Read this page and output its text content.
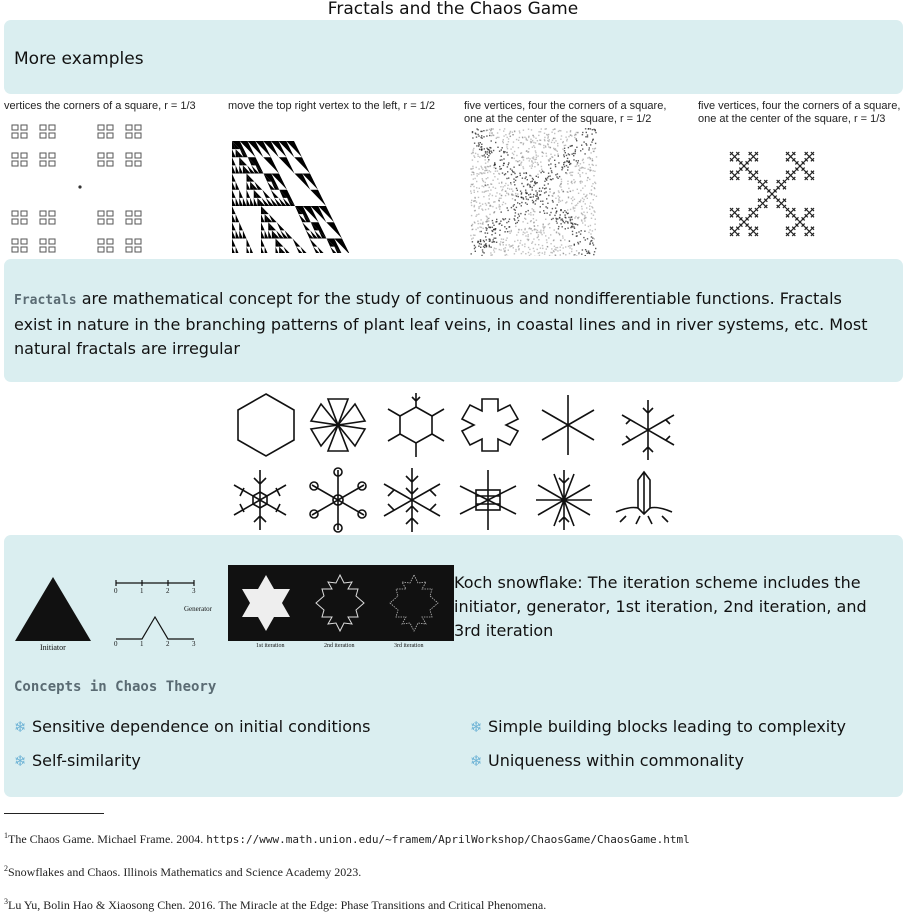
Fractals and the Chaos Game
More examples
vertices the corners of a square, r = 1/3	move the top right vertex to the left, r = 1/2	five vertices, four the corners of a square,
one at the center of the square, r = 1/2
five vertices, four the corners of a square,
one at the center of the square, r = 1/3
Fractals are mathematical concept for the study of continuous and nondifferentiable functions. Fractals exist in nature in the branching patterns of plant leaf veins, in coastal lines and in river systems, etc. Most natural fractals are irregular
Initiator
0	1	2	3
Generator
0	1	2	3	1st iteration	2nd iteration	3rd iteration
Koch snowflake: The iteration scheme includes the initiator, generator, 1st iteration, 2nd iteration, and 3rd iteration
Concepts in Chaos Theory
❄ Sensitive dependence on initial conditions	❄ Simple building blocks leading to complexity
❄ Self-similarity	❄ Uniqueness within commonality
$^1$The Chaos Game. Michael Frame. 2004. https://www.math.union.edu/~framem/AprilWorkshop/ChaosGame/ChaosGame.html
$^2$Snowflakes and Chaos. Illinois Mathematics and Science Academy 2023.
$^3$Lu Yu, Bolin Hao & Xiaosong Chen. 2016. The Miracle at the Edge: Phase Transitions and Critical Phenomena.
